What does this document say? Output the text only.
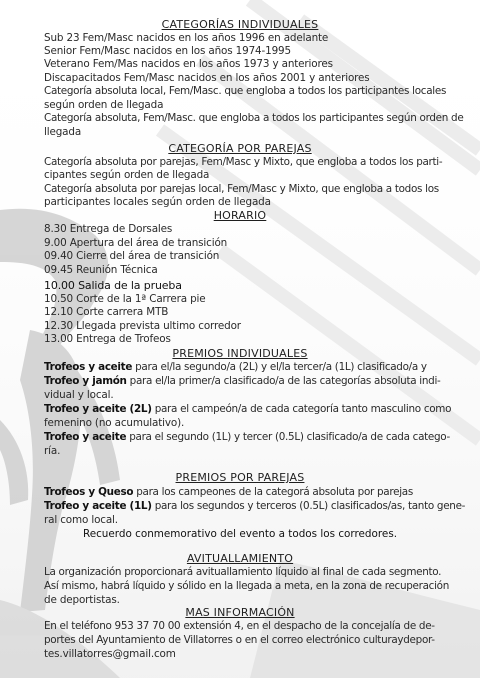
CATEGORÍAS INDIVIDUALES
Sub 23 Fem/Masc nacidos en los años 1996 en adelante
Senior Fem/Masc nacidos en los años 1974-1995
Veterano Fem/Mas nacidos en los años 1973 y anteriores
Discapacitados Fem/Masc nacidos en los años 2001 y anteriores
Categoría absoluta local, Fem/Masc. que engloba a todos los participantes locales
según orden de llegada
Categoría absoluta, Fem/Masc. que engloba a todos los participantes según orden de
llegada
CATEGORÍA POR PAREJAS
Categoría absoluta por parejas, Fem/Masc y Mixto, que engloba a todos los parti-
cipantes según orden de llegada
Categoría absoluta por parejas local, Fem/Masc y Mixto, que engloba a todos los
participantes locales según orden de llegada
HORARIO
8.30 Entrega de Dorsales
9.00 Apertura del área de transición
09.40 Cierre del área de transición
09.45 Reunión Técnica
10.00 Salida de la prueba
10.50 Corte de la 1ª Carrera pie
12.10 Corte carrera MTB
12.30 Llegada prevista ultimo corredor
13.00 Entrega de Trofeos
PREMIOS INDIVIDUALES
Trofeos y aceite para el/la segundo/a (2L) y el/la tercer/a (1L) clasificado/a y
Trofeo y jamón para el/la primer/a clasificado/a de las categorías absoluta indi-
vidual y local.
Trofeo y aceite (2L) para el campeón/a de cada categoría tanto masculino como
femenino (no acumulativo).
Trofeo y aceite para el segundo (1L) y tercer (0.5L) clasificado/a de cada catego-
ría.
PREMIOS POR PAREJAS
Trofeos y Queso para los campeones de la categorá absoluta por parejas
Trofeo y aceite (1L) para los segundos y terceros (0.5L) clasificados/as, tanto gene-
ral como local.
Recuerdo conmemorativo del evento a todos los corredores.
AVITUALLAMIENTO
La organización proporcionará avituallamiento líquido al final de cada segmento.
Así mismo, habrá líquido y sólido en la llegada a meta, en la zona de recuperación
de deportistas.
MAS INFORMACIÓN
En el teléfono 953 37 70 00 extensión 4, en el despacho de la concejalía de de-
portes del Ayuntamiento de Villatorres o en el correo electrónico culturaydepor-
tes.villatorres@gmail.com
